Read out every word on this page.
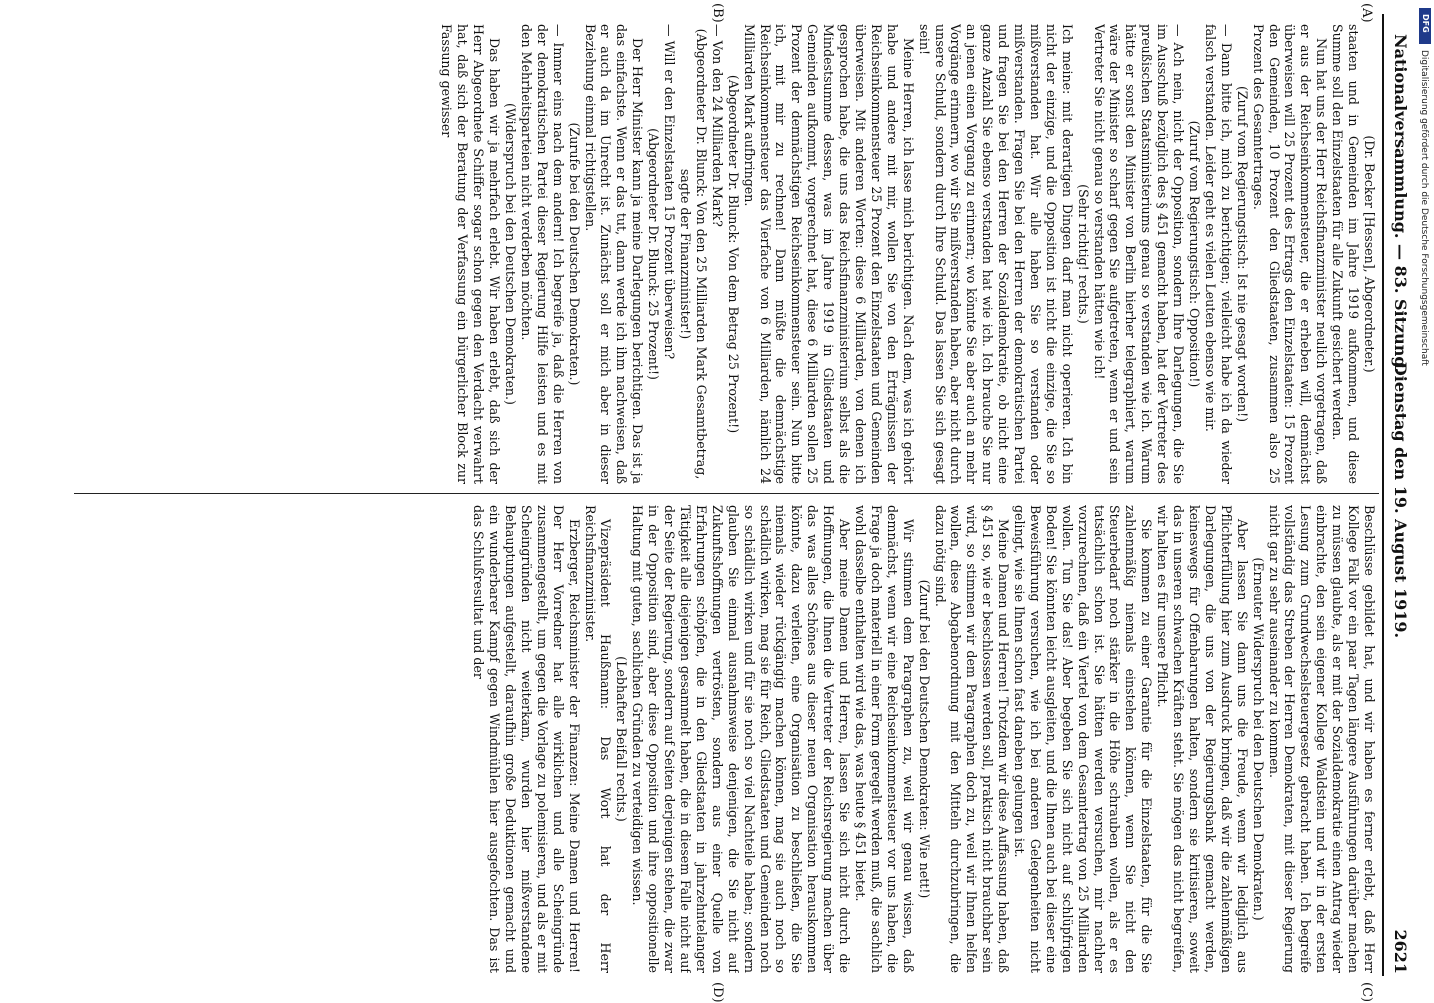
Nationalversammlung. — 83. Sitzung.
Dienstag den 19. August 1919.
2621
(A)
(B)
(C)
(D)

(Dr. Becker [Hessen], Abgeordneter.)

staaten und in Gemeinden im Jahre 1919 aufkommen, und diese Summe soll den Einzelstaaten für alle Zukunft gesichert werden.

Nun hat uns der Herr Reichsfinanzminister neulich vorgetragen, daß er aus der Reichseinkommensteuer, die er erheben will, demnächst überweisen will 25 Prozent des Ertrags den Einzelstaaten: 15 Prozent den Gemeinden, 10 Prozent den Gliedstaaten, zusammen also 25 Prozent des Gesamtertrages.

(Zuruf vom Regierungstisch: Ist nie gesagt worden!)

— Dann bitte ich, mich zu berichtigen; vielleicht habe ich da wieder falsch verstanden. Leider geht es vielen Leuten ebenso wie mir.

(Zuruf vom Regierungstisch: Opposition!)

— Ach nein, nicht der Opposition, sondern Ihre Darlegungen, die Sie im Ausschuß bezüglich des § 451 gemacht haben, hat der Vertreter des preußischen Staatsministeriums genau so verstanden wie ich. Warum hätte er sonst den Minister von Berlin hierher telegraphiert, warum wäre der Minister so scharf gegen Sie aufgetreten, wenn er und sein Vertreter Sie nicht genau so verstanden hätten wie ich!

(Sehr richtig! rechts.)

Ich meine: mit derartigen Dingen darf man nicht operieren. Ich bin nicht der einzige, und die Opposition ist nicht die einzige, die Sie so mißverstanden hat. Wir alle haben Sie so verstanden oder mißverstanden. Fragen Sie bei den Herren der demokratischen Partei und fragen Sie bei den Herren der Sozialdemokratie, ob nicht eine ganze Anzahl Sie ebenso verstanden hat wie ich. Ich brauche Sie nur an jenen einen Vorgang zu erinnern; wo könnte Sie aber auch an mehr Vorgänge erinnern, wo wir Sie mißverstanden haben, aber nicht durch unsere Schuld, sondern durch Ihre Schuld. Das lassen Sie sich gesagt sein!

Meine Herren, ich lasse mich berichtigen. Nach dem, was ich gehört habe und andere mit mir, wollen Sie von den Erträgnissen der Reichseinkommensteuer 25 Prozent den Einzelstaaten und Gemeinden überweisen. Mit anderen Worten: diese 6 Milliarden, von denen ich gesprochen habe, die uns das Reichsfinanzministerium selbst als die Mindestsumme dessen, was im Jahre 1919 in Gliedstaaten und Gemeinden aufkommt, vorgerechnet hat, diese 6 Milliarden sollen 25 Prozent der demnächstigen Reichseinkommensteuer sein. Nun bitte ich, mit mir zu rechnen! Dann müßte die demnächstige Reichseinkommensteuer das Vierfache von 6 Milliarden, nämlich 24 Milliarden Mark aufbringen.

(Abgeordneter Dr. Blunck: Von dem Betrag 25 Prozent!)

— Von den 24 Milliarden Mark?

(Abgeordneter Dr. Blunck: Von den 25 Milliarden Mark Gesamtbetrag, sagte der Finanzminister!)

— Will er den Einzelstaaten 15 Prozent überweisen?

(Abgeordneter Dr. Blunck: 25 Prozent!)

Der Herr Minister kann ja meine Darlegungen berichtigen. Das ist ja das einfachste. Wenn er das tut, dann werde ich ihm nachweisen, daß er auch da im Unrecht ist. Zunächst soll er mich aber in dieser Beziehung einmal richtigstellen.

(Zurufe bei den Deutschen Demokraten.)

— Immer eins nach dem andern! Ich begreife ja, daß die Herren von der demokratischen Partei dieser Regierung Hilfe leisten und es mit den Mehrheitsparteien nicht verderben möchten.

(Widerspruch bei den Deutschen Demokraten.)

Das haben wir ja mehrfach erlebt. Wir haben erlebt, daß sich der Herr Abgeordnete Schiffer sogar schon gegen den Verdacht verwahrt hat, daß sich der Beratung der Verfassung ein bürgerlicher Block zur Fassung gewisser

Beschlüsse gebildet hat, und wir haben es ferner erlebt, daß Herr Kollege Falk vor ein paar Tagen längere Ausführungen darüber machen zu müssen glaubte, als er mit der Sozialdemokratie einen Antrag wieder einbrachte, den sein eigener Kollege Waldstein und wir in der ersten Lesung zum Grundwechselsteuergesetz gebracht haben. Ich begreife vollständig das Streben der Herren Demokraten, mit dieser Regierung nicht gar zu sehr auseinander zu kommen.

(Erneuter Widerspruch bei den Deutschen Demokraten.)

Aber lassen Sie dann uns die Freude, wenn wir lediglich aus Pflichterfüllung hier zum Ausdruck bringen, daß wir die zahlenmäßigen Darlegungen, die uns von der Regierungsbank gemacht werden, keineswegs für Offenbarungen halten, sondern sie kritisieren, soweit das in unseren schwachen Kräften steht. Sie mögen das nicht begreifen, wir halten es für unsere Pflicht.

Sie kommen zu einer Garantie für die Einzelstaaten, für die Sie zahlenmäßig niemals einstehen können, wenn Sie nicht den Steuerbedarf noch stärker in die Höhe schrauben wollen, als er es tatsächlich schon ist. Sie hätten werden versuchen, mir nachher vorzurechnen, daß ein Viertel von dem Gesamtertrag von 25 Milliarden wollen. Tun Sie das! Aber begeben Sie sich nicht auf schlüpfrigen Boden! Sie könnten leicht ausgleiten, und die Ihnen auch bei dieser eine Beweisführung versuchen, wie ich bei anderen Gelegenheiten nicht gelingt, wie sie Ihnen schon fast daneben gelungen ist.

Meine Damen und Herren! Trotzdem wir diese Auffassung haben, daß § 451 so, wie er beschlossen werden soll, praktisch nicht brauchbar sein wird, so stimmen wir dem Paragraphen doch zu, weil wir Ihnen helfen wollen, diese Abgabenordnung mit den Mitteln durchzubringen, die dazu nötig sind.

(Zuruf bei den Deutschen Demokraten: Wie nett!)

Wir stimmen dem Paragraphen zu, weil wir genau wissen, daß demnächst, wenn wir eine Reichseinkommensteuer vor uns haben, die Frage ja doch materiell in einer Form geregelt werden muß, die sachlich wohl dasselbe enthalten wird wie das, was heute § 451 bietet.

Aber meine Damen und Herren, lassen Sie sich nicht durch die Hoffnungen, die Ihnen die Vertreter der Reichsregierung machen über das was alles Schönes aus dieser neuen Organisation herauskommen könnte, dazu verleiten, eine Organisation zu beschließen, die Sie niemals wieder rückgängig machen können, mag sie auch noch so schädlich wirken, mag sie für Reich, Gliedstaaten und Gemeinden noch so schädlich wirken und für sie noch so viel Nachteile haben; sondern glauben Sie einmal ausnahmsweise denjenigen, die Sie nicht auf Zukunftshoffnungen vertrösten, sondern aus einer Quelle von Erfahrungen schöpfen, die in den Gliedstaaten in jahrzehntelanger Tätigkeit alle diejenigen gesammelt haben, die in diesem Falle nicht auf der Seite der Regierung, sondern auf Seiten derjenigen stehen, die zwar in der Opposition sind, aber diese Opposition und ihre oppositionelle Haltung mit guten, sachlichen Gründen zu verteidigen wissen.

(Lebhafter Beifall rechts.)

Vizepräsident Haußmann: Das Wort hat der Herr Reichsfinanzminister.

Erzberger, Reichsminister der Finanzen: Meine Damen und Herren! Der Herr Vorredner hat alle wirklichen und alle Scheingründe zusammengestellt, um gegen die Vorlage zu polemisieren, und als er mit Scheingründen nicht weiterkam, wurden hier mißverstandene Behauptungen aufgestellt, daraufhin große Deduktionen gemacht und ein wunderbarer Kampf gegen Windmühlen hier ausgefochten. Das ist das Schlußresultat und der

DFG
Digitalisierung gefördert durch die Deutsche Forschungsgemeinschaft
